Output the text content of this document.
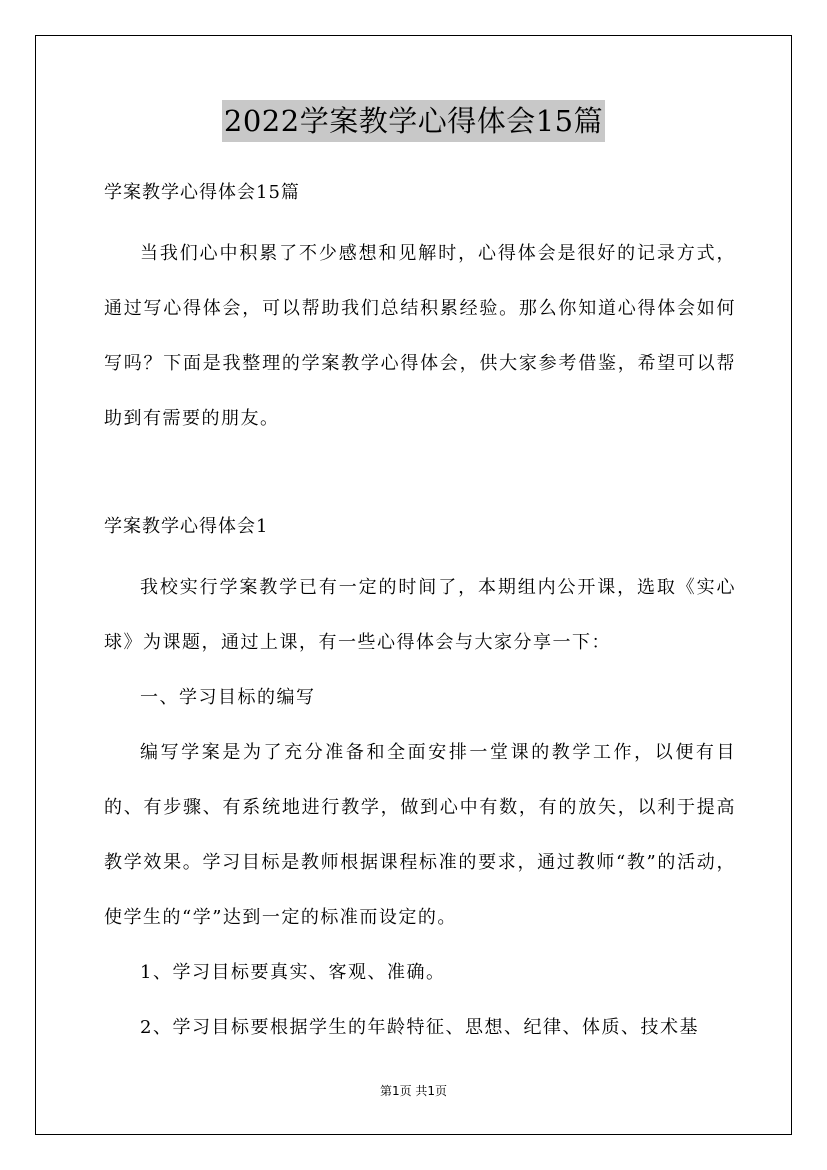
2022学案教学心得体会15篇

学案教学心得体会15篇

当我们心中积累了不少感想和见解时，心得体会是很好的记录方式，通过写心得体会，可以帮助我们总结积累经验。那么你知道心得体会如何写吗？下面是我整理的学案教学心得体会，供大家参考借鉴，希望可以帮助到有需要的朋友。

学案教学心得体会1

我校实行学案教学已有一定的时间了，本期组内公开课，选取《实心球》为课题，通过上课，有一些心得体会与大家分享一下：

一、学习目标的编写

编写学案是为了充分准备和全面安排一堂课的教学工作，以便有目的、有步骤、有系统地进行教学，做到心中有数，有的放矢，以利于提高教学效果。学习目标是教师根据课程标准的要求，通过教师“教”的活动，使学生的“学”达到一定的标准而设定的。

1、学习目标要真实、客观、准确。

2、学习目标要根据学生的年龄特征、思想、纪律、体质、技术基

第1页 共1页
